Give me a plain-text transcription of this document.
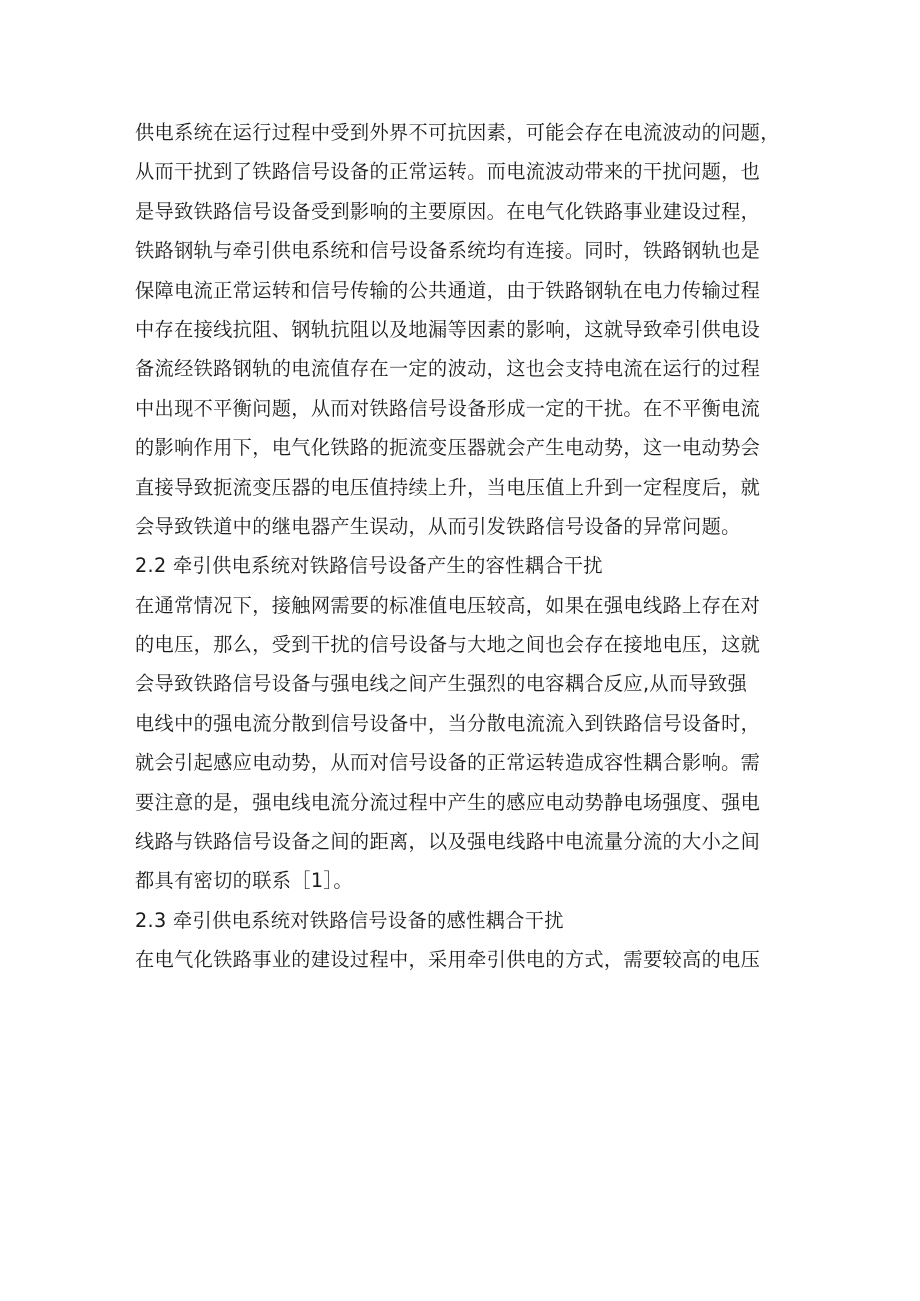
供电系统在运行过程中受到外界不可抗因素，可能会存在电流波动的问题，
从而干扰到了铁路信号设备的正常运转。而电流波动带来的干扰问题，也
是导致铁路信号设备受到影响的主要原因。在电气化铁路事业建设过程，
铁路钢轨与牵引供电系统和信号设备系统均有连接。同时，铁路钢轨也是
保障电流正常运转和信号传输的公共通道，由于铁路钢轨在电力传输过程
中存在接线抗阻、钢轨抗阻以及地漏等因素的影响，这就导致牵引供电设
备流经铁路钢轨的电流值存在一定的波动，这也会支持电流在运行的过程
中出现不平衡问题，从而对铁路信号设备形成一定的干扰。在不平衡电流
的影响作用下，电气化铁路的扼流变压器就会产生电动势，这一电动势会
直接导致扼流变压器的电压值持续上升，当电压值上升到一定程度后，就
会导致铁道中的继电器产生误动，从而引发铁路信号设备的异常问题。
2.2 牵引供电系统对铁路信号设备产生的容性耦合干扰
在通常情况下，接触网需要的标准值电压较高，如果在强电线路上存在对
的电压，那么，受到干扰的信号设备与大地之间也会存在接地电压，这就
会导致铁路信号设备与强电线之间产生强烈的电容耦合反应,从而导致强
电线中的强电流分散到信号设备中，当分散电流流入到铁路信号设备时，
就会引起感应电动势，从而对信号设备的正常运转造成容性耦合影响。需
要注意的是，强电线电流分流过程中产生的感应电动势静电场强度、强电
线路与铁路信号设备之间的距离，以及强电线路中电流量分流的大小之间
都具有密切的联系［1］。
2.3 牵引供电系统对铁路信号设备的感性耦合干扰
在电气化铁路事业的建设过程中，采用牵引供电的方式，需要较高的电压
